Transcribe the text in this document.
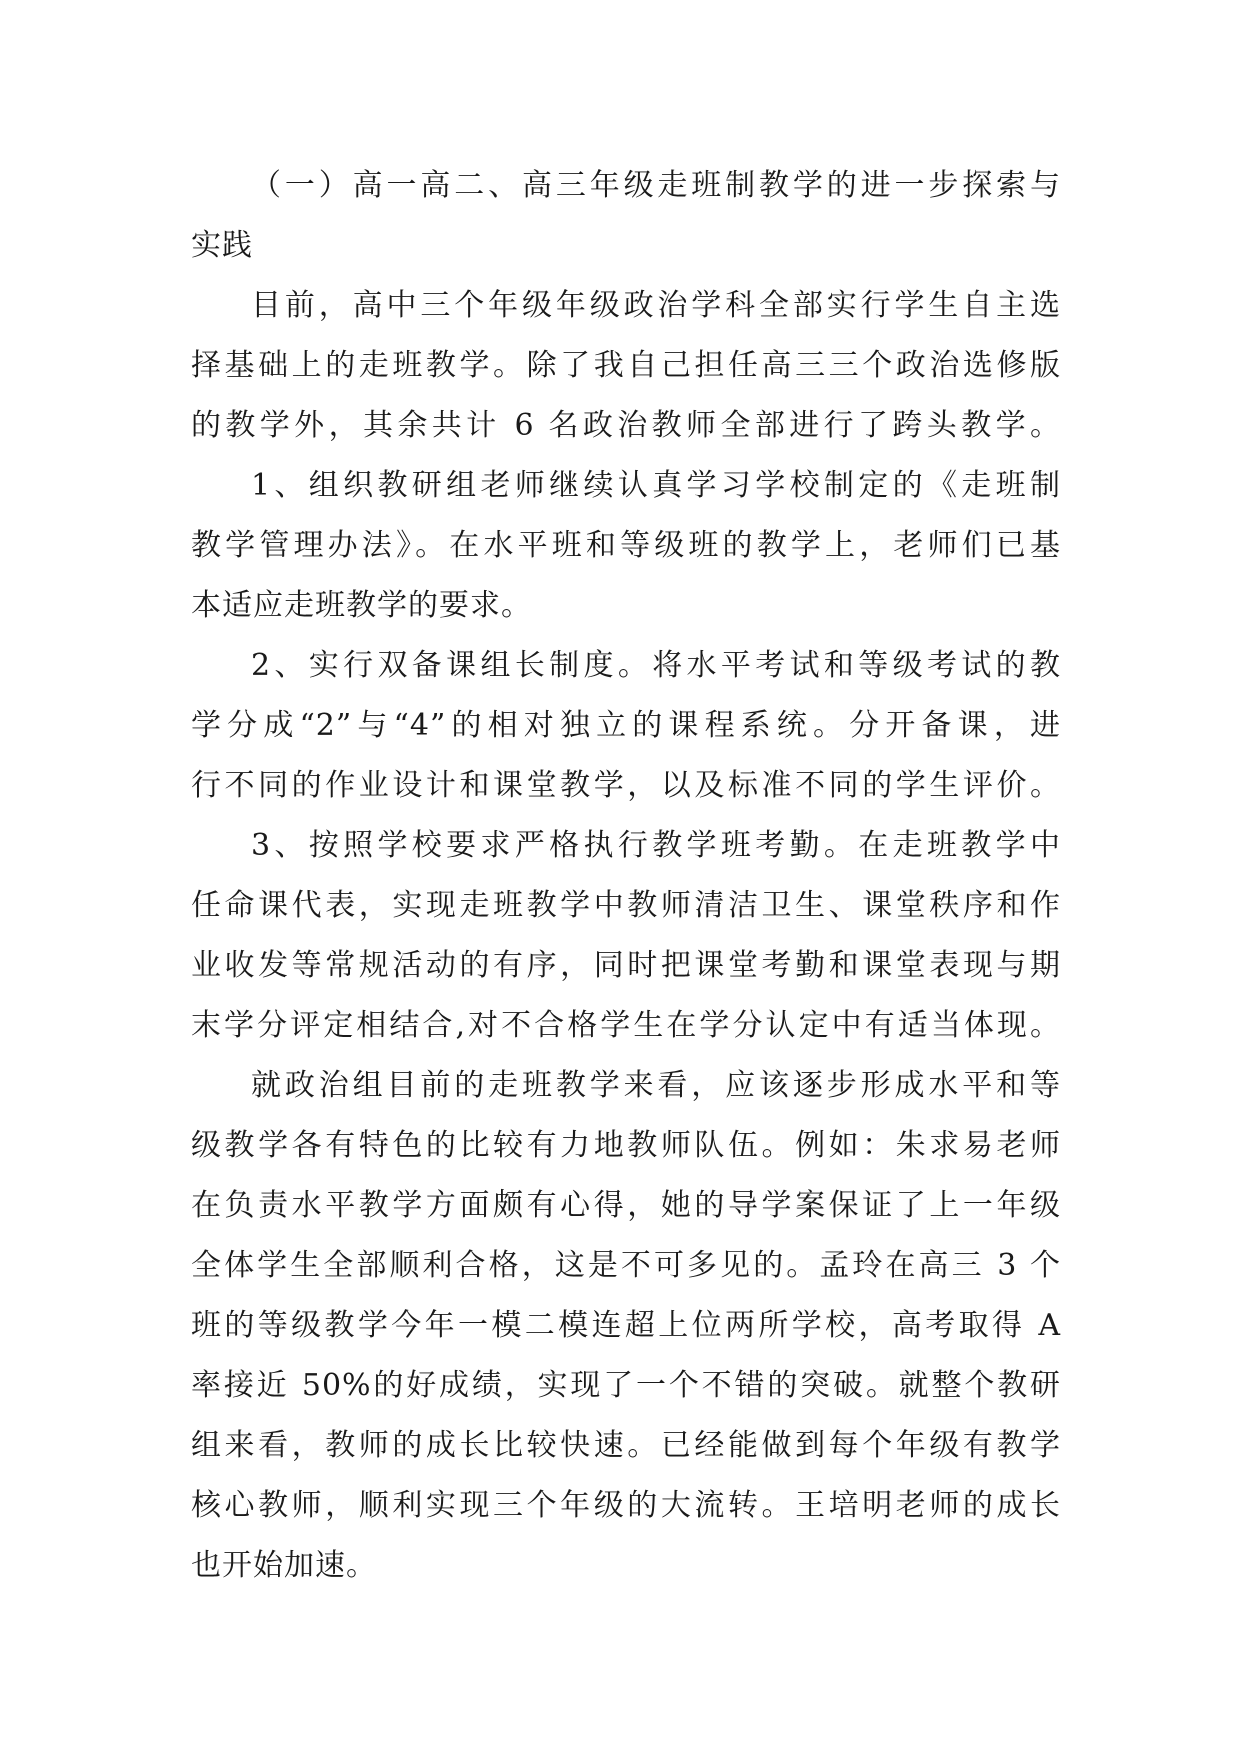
（一）高一高二、高三年级走班制教学的进一步探索与
实践
目前，高中三个年级年级政治学科全部实行学生自主选
择基础上的走班教学。除了我自己担任高三三个政治选修版
的教学外，其余共计 6 名政治教师全部进行了跨头教学。
1、组织教研组老师继续认真学习学校制定的《走班制
教学管理办法》。在水平班和等级班的教学上，老师们已基
本适应走班教学的要求。
2、实行双备课组长制度。将水平考试和等级考试的教
学分成“2”与“4”的相对独立的课程系统。分开备课，进
行不同的作业设计和课堂教学，以及标准不同的学生评价。
3、按照学校要求严格执行教学班考勤。在走班教学中
任命课代表，实现走班教学中教师清洁卫生、课堂秩序和作
业收发等常规活动的有序，同时把课堂考勤和课堂表现与期
末学分评定相结合,对不合格学生在学分认定中有适当体现。
就政治组目前的走班教学来看，应该逐步形成水平和等
级教学各有特色的比较有力地教师队伍。例如：朱求易老师
在负责水平教学方面颇有心得，她的导学案保证了上一年级
全体学生全部顺利合格，这是不可多见的。孟玲在高三 3 个
班的等级教学今年一模二模连超上位两所学校，高考取得 A
率接近 50%的好成绩，实现了一个不错的突破。就整个教研
组来看，教师的成长比较快速。已经能做到每个年级有教学
核心教师，顺利实现三个年级的大流转。王培明老师的成长
也开始加速。
